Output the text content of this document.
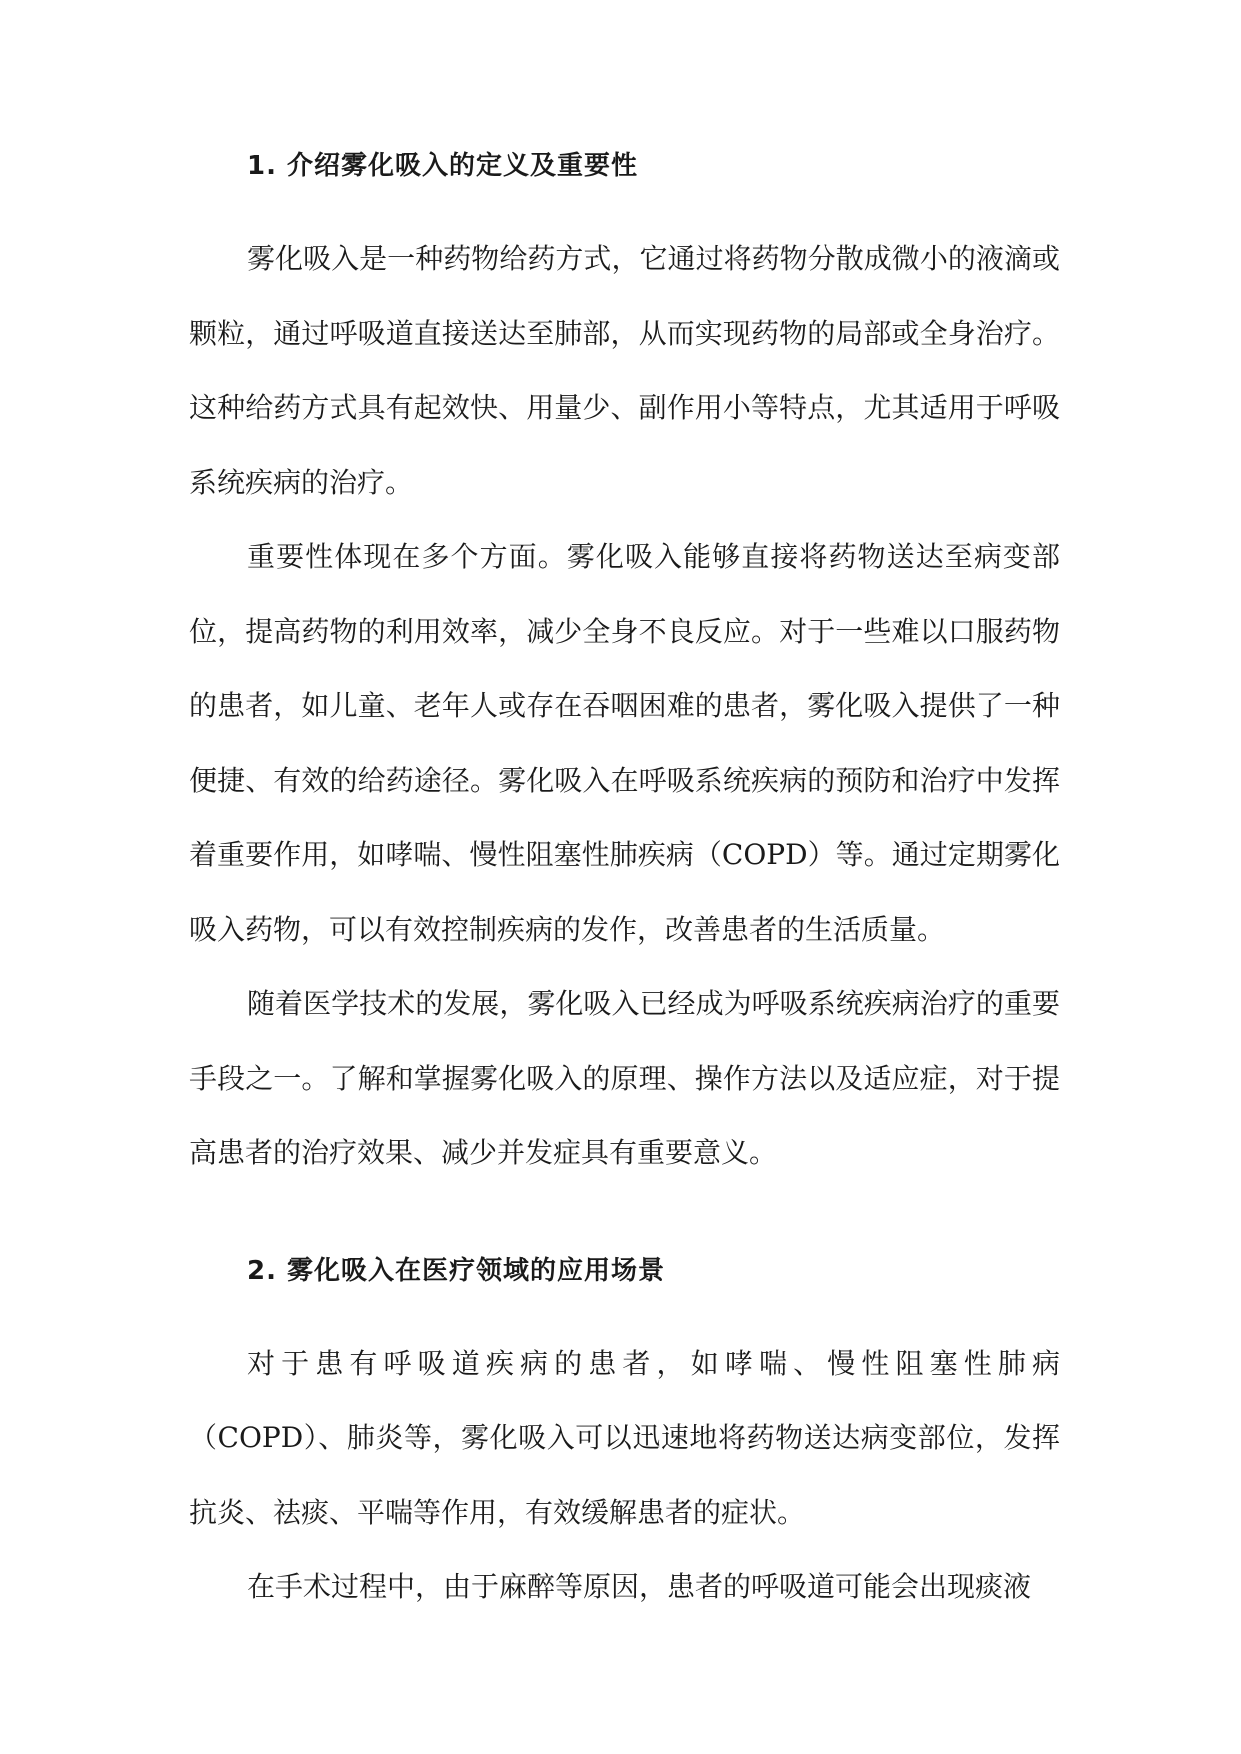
1. 介绍雾化吸入的定义及重要性

雾化吸入是一种药物给药方式，它通过将药物分散成微小的液滴或颗粒，通过呼吸道直接送达至肺部，从而实现药物的局部或全身治疗。这种给药方式具有起效快、用量少、副作用小等特点，尤其适用于呼吸系统疾病的治疗。

重要性体现在多个方面。雾化吸入能够直接将药物送达至病变部位，提高药物的利用效率，减少全身不良反应。对于一些难以口服药物的患者，如儿童、老年人或存在吞咽困难的患者，雾化吸入提供了一种便捷、有效的给药途径。雾化吸入在呼吸系统疾病的预防和治疗中发挥着重要作用，如哮喘、慢性阻塞性肺疾病（COPD）等。通过定期雾化吸入药物，可以有效控制疾病的发作，改善患者的生活质量。

随着医学技术的发展，雾化吸入已经成为呼吸系统疾病治疗的重要手段之一。了解和掌握雾化吸入的原理、操作方法以及适应症，对于提高患者的治疗效果、减少并发症具有重要意义。

2. 雾化吸入在医疗领域的应用场景

对于患有呼吸道疾病的患者，如哮喘、慢性阻塞性肺病（COPD）、肺炎等，雾化吸入可以迅速地将药物送达病变部位，发挥抗炎、祛痰、平喘等作用，有效缓解患者的症状。

在手术过程中，由于麻醉等原因，患者的呼吸道可能会出现痰液
